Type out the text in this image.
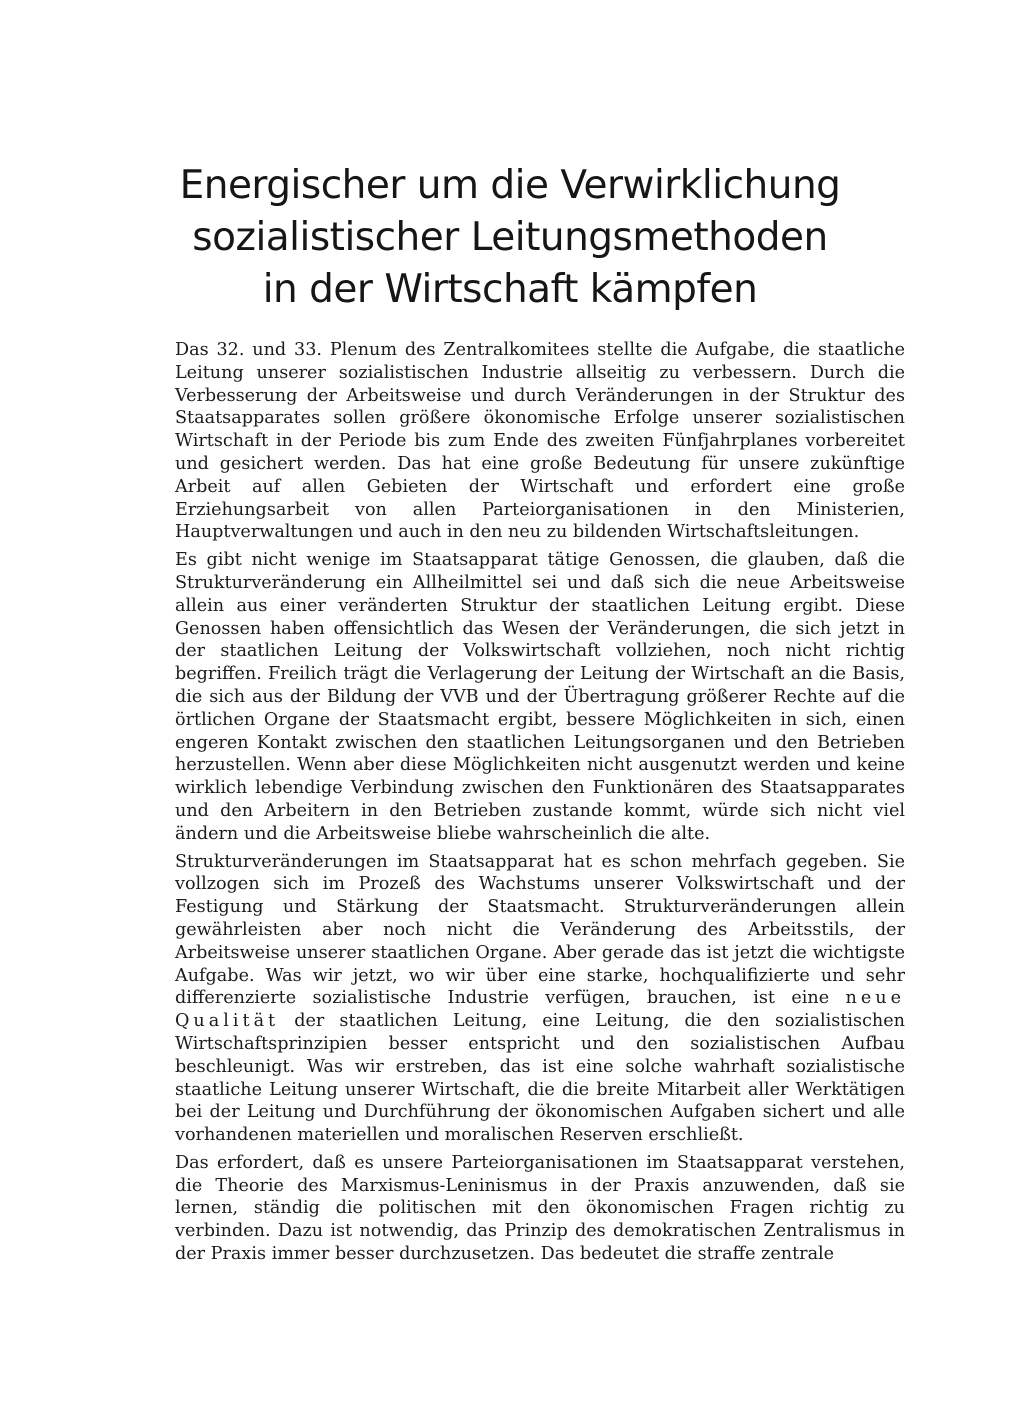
Energischer um die Verwirklichung
sozialistischer Leitungsmethoden
in der Wirtschaft kämpfen

Das 32. und 33. Plenum des Zentralkomitees stellte die Aufgabe, die staatliche Leitung unserer sozialistischen Industrie allseitig zu verbessern. Durch die Verbesserung der Arbeitsweise und durch Veränderungen in der Struktur des Staatsapparates sollen größere ökonomische Erfolge unserer sozialistischen Wirtschaft in der Periode bis zum Ende des zweiten Fünfjahrplanes vorbereitet und gesichert werden. Das hat eine große Bedeutung für unsere zukünftige Arbeit auf allen Gebieten der Wirtschaft und erfordert eine große Erziehungsarbeit von allen Parteiorganisationen in den Ministerien, Hauptverwaltungen und auch in den neu zu bildenden Wirtschaftsleitungen.

Es gibt nicht wenige im Staatsapparat tätige Genossen, die glauben, daß die Strukturveränderung ein Allheilmittel sei und daß sich die neue Arbeitsweise allein aus einer veränderten Struktur der staatlichen Leitung ergibt. Diese Genossen haben offensichtlich das Wesen der Veränderungen, die sich jetzt in der staatlichen Leitung der Volkswirtschaft vollziehen, noch nicht richtig begriffen. Freilich trägt die Verlagerung der Leitung der Wirtschaft an die Basis, die sich aus der Bildung der VVB und der Übertragung größerer Rechte auf die örtlichen Organe der Staatsmacht ergibt, bessere Möglichkeiten in sich, einen engeren Kontakt zwischen den staatlichen Leitungsorganen und den Betrieben herzustellen. Wenn aber diese Möglichkeiten nicht ausgenutzt werden und keine wirklich lebendige Verbindung zwischen den Funktionären des Staatsapparates und den Arbeitern in den Betrieben zustande kommt, würde sich nicht viel ändern und die Arbeitsweise bliebe wahrscheinlich die alte.

Strukturveränderungen im Staatsapparat hat es schon mehrfach gegeben. Sie vollzogen sich im Prozeß des Wachstums unserer Volkswirtschaft und der Festigung und Stärkung der Staatsmacht. Strukturveränderungen allein gewährleisten aber noch nicht die Veränderung des Arbeitsstils, der Arbeitsweise unserer staatlichen Organe. Aber gerade das ist jetzt die wichtigste Aufgabe. Was wir jetzt, wo wir über eine starke, hochqualifizierte und sehr differenzierte sozialistische Industrie verfügen, brauchen, ist eine neue Qualität der staatlichen Leitung, eine Leitung, die den sozialistischen Wirtschaftsprinzipien besser entspricht und den sozialistischen Aufbau beschleunigt. Was wir erstreben, das ist eine solche wahrhaft sozialistische staatliche Leitung unserer Wirtschaft, die die breite Mitarbeit aller Werktätigen bei der Leitung und Durchführung der ökonomischen Aufgaben sichert und alle vorhandenen materiellen und moralischen Reserven erschließt.

Das erfordert, daß es unsere Parteiorganisationen im Staatsapparat verstehen, die Theorie des Marxismus-Leninismus in der Praxis anzuwenden, daß sie lernen, ständig die politischen mit den ökonomischen Fragen richtig zu verbinden. Dazu ist notwendig, das Prinzip des demokratischen Zentralismus in der Praxis immer besser durchzusetzen. Das bedeutet die straffe zentrale
